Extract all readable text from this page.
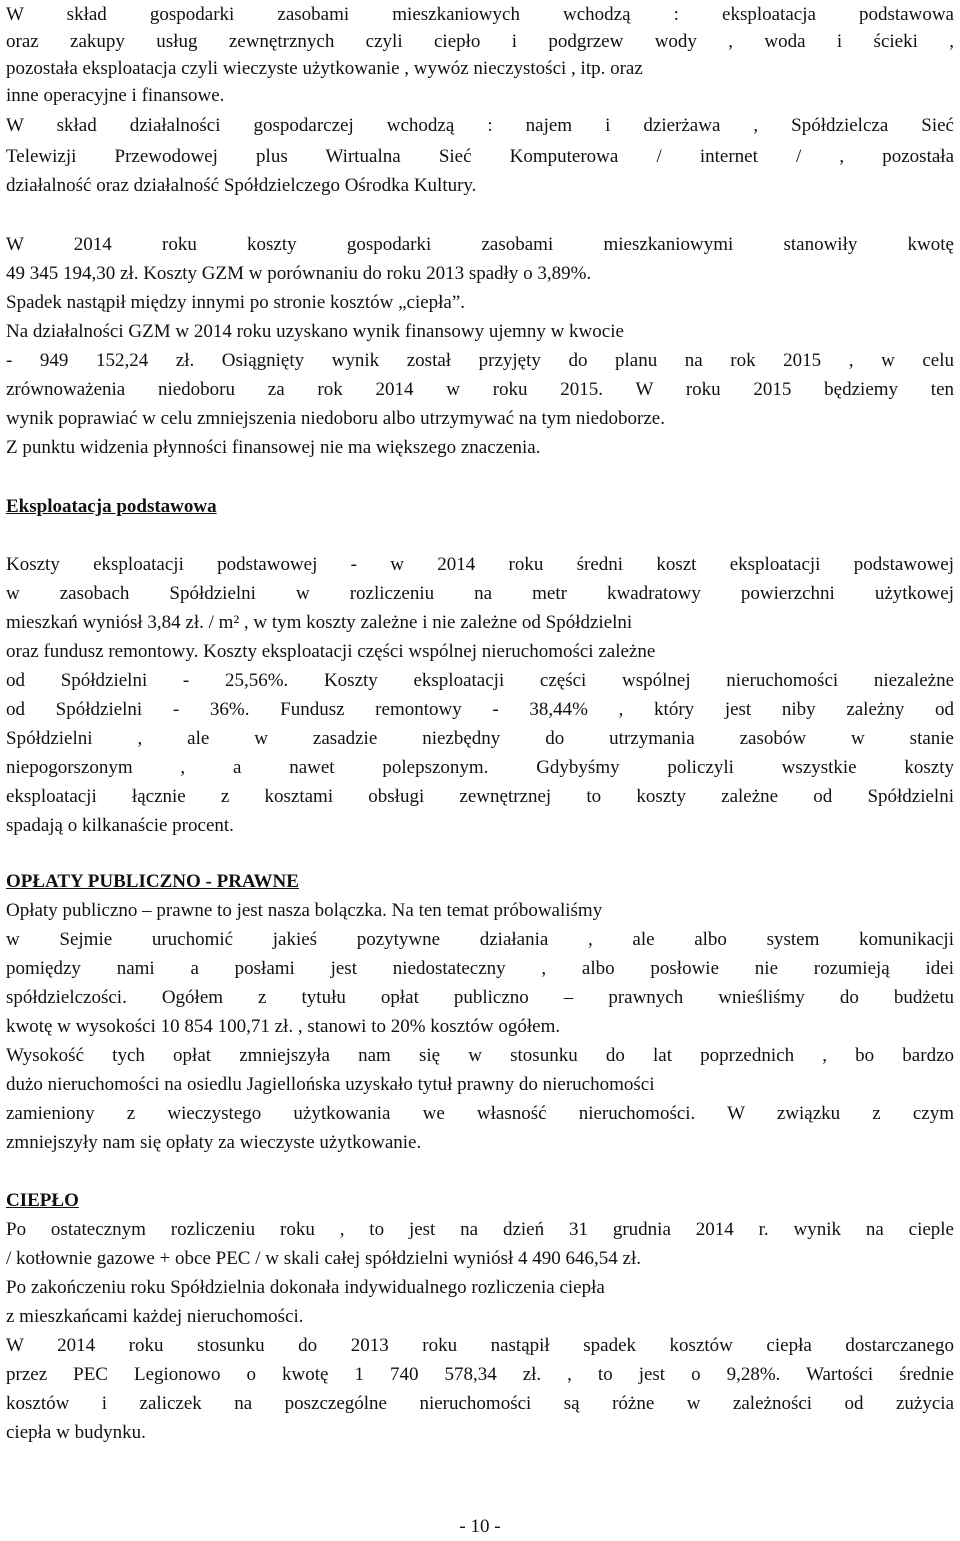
W skład gospodarki zasobami mieszkaniowych wchodzą : eksploatacja podstawowa
oraz zakupy usług zewnętrznych czyli ciepło i podgrzew wody , woda i ścieki ,
pozostała eksploatacja czyli wieczyste użytkowanie , wywóz nieczystości , itp. oraz
inne operacyjne i finansowe.
W skład działalności gospodarczej wchodzą : najem i dzierżawa , Spółdzielcza Sieć
Telewizji Przewodowej plus Wirtualna Sieć Komputerowa / internet / , pozostała
działalność oraz działalność Spółdzielczego Ośrodka Kultury.
W 2014 roku koszty gospodarki zasobami mieszkaniowymi stanowiły kwotę
49 345 194,30 zł. Koszty GZM w porównaniu do roku 2013 spadły o 3,89%.
Spadek nastąpił między innymi po stronie kosztów „ciepła”.
Na działalności GZM w 2014 roku uzyskano wynik finansowy ujemny w kwocie
- 949 152,24 zł. Osiągnięty wynik został przyjęty do planu na rok 2015 , w celu
zrównoważenia niedoboru za rok 2014 w roku 2015. W roku 2015 będziemy ten
wynik poprawiać w celu zmniejszenia niedoboru albo utrzymywać na tym niedoborze.
Z punktu widzenia płynności finansowej nie ma większego znaczenia.
Eksploatacja podstawowa
Koszty eksploatacji podstawowej - w 2014 roku średni koszt eksploatacji podstawowej
w zasobach Spółdzielni w rozliczeniu na metr kwadratowy powierzchni użytkowej
mieszkań wyniósł 3,84 zł. / m² , w tym koszty zależne i nie zależne od Spółdzielni
oraz fundusz remontowy. Koszty eksploatacji części wspólnej nieruchomości zależne
od Spółdzielni - 25,56%. Koszty eksploatacji części wspólnej nieruchomości niezależne
od Spółdzielni - 36%. Fundusz remontowy - 38,44% , który jest niby zależny od
Spółdzielni , ale w zasadzie niezbędny do utrzymania zasobów w stanie
niepogorszonym , a nawet polepszonym. Gdybyśmy policzyli wszystkie koszty
eksploatacji łącznie z kosztami obsługi zewnętrznej to koszty zależne od Spółdzielni
spadają o kilkanaście procent.
OPŁATY PUBLICZNO - PRAWNE
Opłaty publiczno – prawne to jest nasza bolączka. Na ten temat próbowaliśmy
w Sejmie uruchomić jakieś pozytywne działania , ale albo system komunikacji
pomiędzy nami a posłami jest niedostateczny , albo posłowie nie rozumieją idei
spółdzielczości. Ogółem z tytułu opłat publiczno – prawnych wnieśliśmy do budżetu
kwotę w wysokości 10 854 100,71 zł. , stanowi to 20% kosztów ogółem.
Wysokość tych opłat zmniejszyła nam się w stosunku do lat poprzednich , bo bardzo
dużo nieruchomości na osiedlu Jagiellońska uzyskało tytuł prawny do nieruchomości
zamieniony z wieczystego użytkowania we własność nieruchomości. W związku z czym
zmniejszyły nam się opłaty za wieczyste użytkowanie.
CIEPŁO
Po ostatecznym rozliczeniu roku , to jest na dzień 31 grudnia 2014 r. wynik na cieple
/ kotłownie gazowe + obce PEC / w skali całej spółdzielni wyniósł 4 490 646,54 zł.
Po zakończeniu roku Spółdzielnia dokonała indywidualnego rozliczenia ciepła
z mieszkańcami każdej nieruchomości.
W 2014 roku stosunku do 2013 roku nastąpił spadek kosztów ciepła dostarczanego
przez PEC Legionowo o kwotę 1 740 578,34 zł. , to jest o 9,28%. Wartości średnie
kosztów i zaliczek na poszczególne nieruchomości są różne w zależności od zużycia
ciepła w budynku.
- 10 -
